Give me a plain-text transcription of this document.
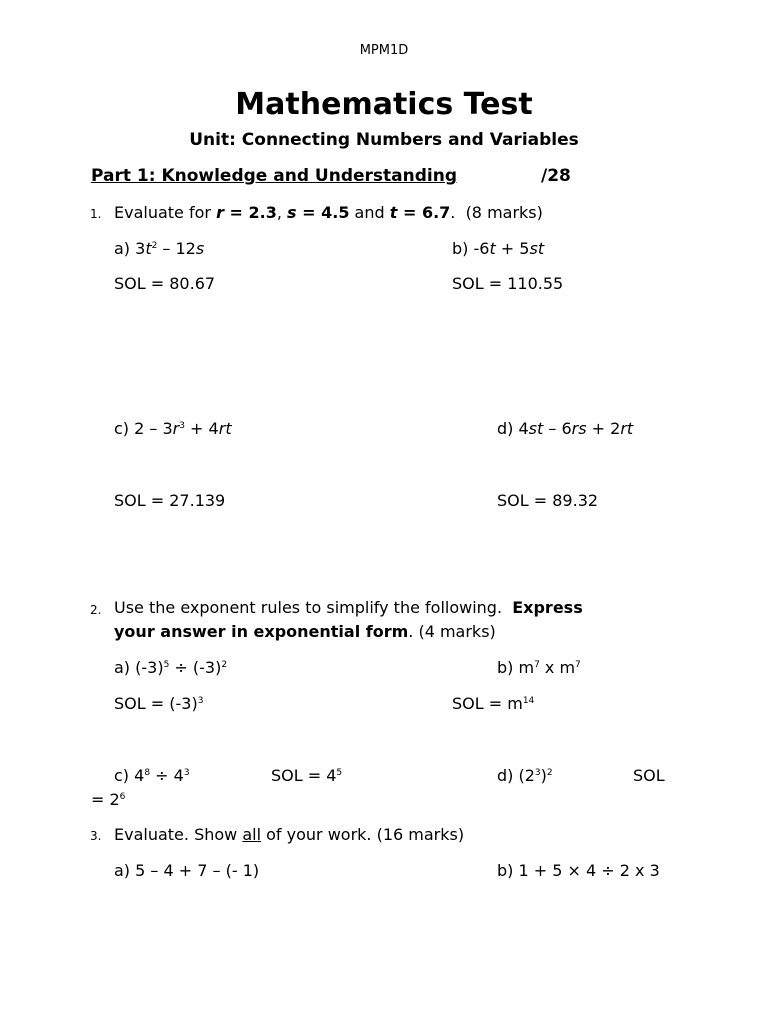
MPM1D
Mathematics Test
Unit: Connecting Numbers and Variables
Part 1: Knowledge and Understanding	/28
1. Evaluate for r = 2.3, s = 4.5 and t = 6.7. (8 marks)
a) $3t^2 - 12s$	b) -6t + 5st
SOL = 80.67	SOL = 110.55
c) $2 - 3r^3 + 4rt$	d) 4st – 6rs + 2rt
SOL = 27.139	SOL = 89.32
2. Use the exponent rules to simplify the following. Express
your answer in exponential form. (4 marks)
a) $(-3)^5 \div (-3)^2$	b) $m^7$ x $m^7$
SOL = $(-3)^3$	SOL = $m^{14}$
c) $4^8 \div 4^3$	SOL = $4^5$	d) $(2^3)^2$	SOL
= $2^6$
3. Evaluate. Show all of your work. (16 marks)
a) 5 – 4 + 7 – (- 1)	b) 1 + 5 × 4 ÷ 2 x 3
